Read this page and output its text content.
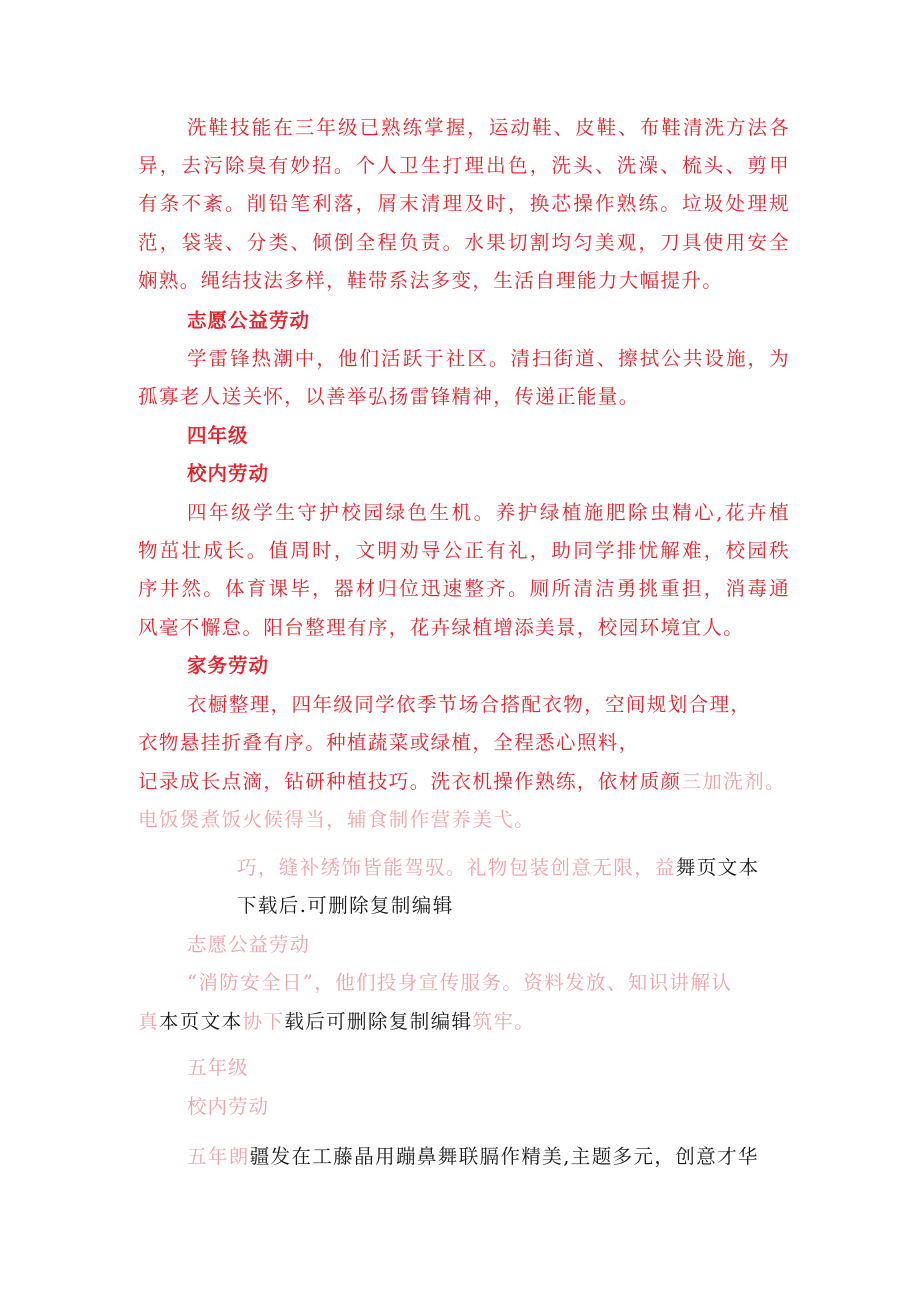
洗鞋技能在三年级已熟练掌握，运动鞋、皮鞋、布鞋清洗方法各
异，去污除臭有妙招。个人卫生打理出色，洗头、洗澡、梳头、剪甲
有条不紊。削铅笔利落，屑末清理及时，换芯操作熟练。垃圾处理规
范，袋装、分类、倾倒全程负责。水果切割均匀美观，刀具使用安全
娴熟。绳结技法多样，鞋带系法多变，生活自理能力大幅提升。
志愿公益劳动
学雷锋热潮中，他们活跃于社区。清扫街道、擦拭公共设施，为
孤寡老人送关怀，以善举弘扬雷锋精神，传递正能量。
四年级
校内劳动
四年级学生守护校园绿色生机。养护绿植施肥除虫精心,花卉植
物茁壮成长。值周时，文明劝导公正有礼，助同学排忧解难，校园秩
序井然。体育课毕，器材归位迅速整齐。厕所清洁勇挑重担，消毒通
风毫不懈怠。阳台整理有序，花卉绿植增添美景，校园环境宜人。
家务劳动
衣橱整理，四年级同学依季节场合搭配衣物，空间规划合理，
衣物悬挂折叠有序。种植蔬菜或绿植，全程悉心照料，
记录成长点滴，钻研种植技巧。洗衣机操作熟练，依材质颜三加洗剂。
电饭煲煮饭火候得当，辅食制作营养美弋。
巧，缝补绣饰皆能驾驭。礼物包装创意无限，益舞页文本
下载后.可删除复制编辑
志愿公益劳动
“消防安全日”，他们投身宣传服务。资料发放、知识讲解认
真本页文本协下载后可删除复制编辑筑牢。
五年级
校内劳动
五年朗疆发在工藤晶用蹦鼻舞联膈作精美,主题多元，创意才华
